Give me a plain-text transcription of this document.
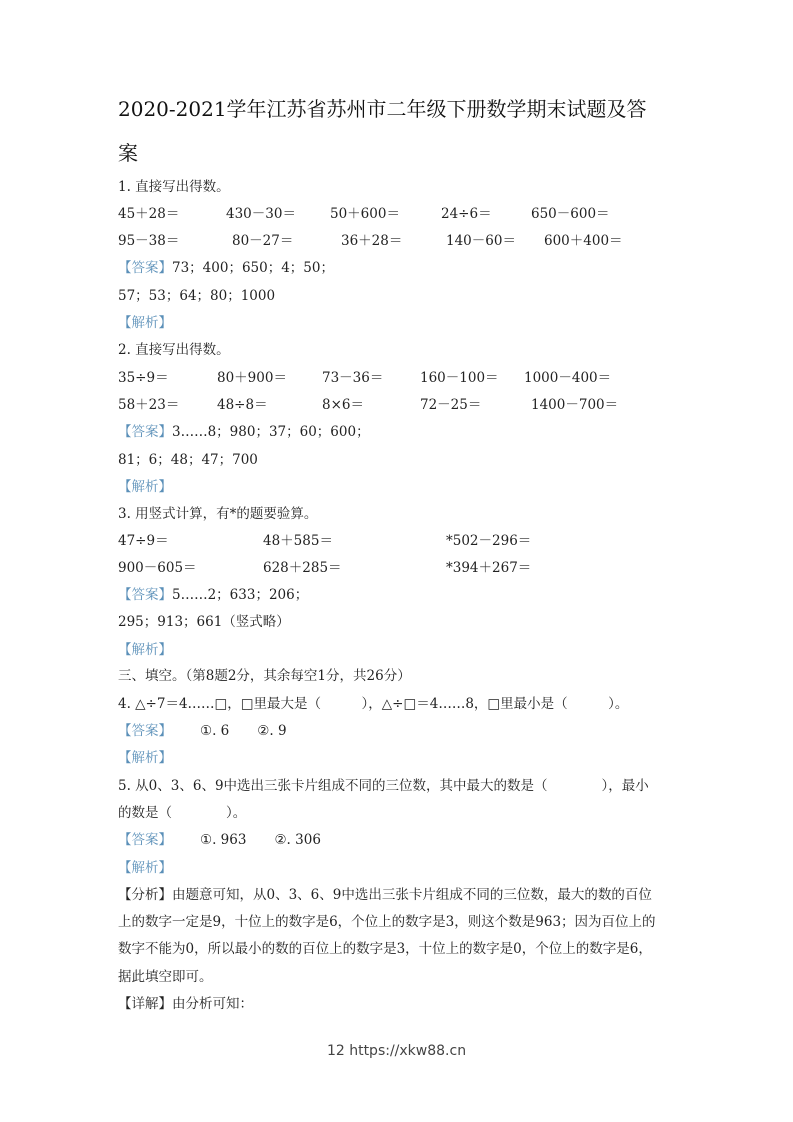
2020-2021学年江苏省苏州市二年级下册数学期末试题及答
案
1. 直接写出得数。
45＋28＝	430－30＝	50＋600＝	24÷6＝	650－600＝
95－38＝	80－27＝	36＋28＝	140－60＝ 600＋400＝
【答案】73；400；650；4；50；
57；53；64；80；1000
【解析】
2. 直接写出得数。
35÷9＝	80＋900＝	73－36＝	160－100＝ 1000－400＝
58＋23＝	48÷8＝	8×6＝	72－25＝	1400－700＝
【答案】3……8；980；37；60；600；
81；6；48；47；700
【解析】
3. 用竖式计算，有*的题要验算。
47÷9＝	48＋585＝	*502－296＝
900－605＝	628＋285＝	*394＋267＝
【答案】5……2；633；206；
295；913；661（竖式略）
【解析】
三、填空。（第8题2分，其余每空1分，共26分）
4. △÷7＝4……□，□里最大是（　　　），△÷□＝4……8，□里最小是（　　　）。
【答案】 ①. 6 ②. 9
【解析】
5. 从0、3、6、9中选出三张卡片组成不同的三位数，其中最大的数是（　　　　），最小
的数是（　　　　）。
【答案】 ①. 963 ②. 306
【解析】
【分析】由题意可知，从0、3、6、9中选出三张卡片组成不同的三位数，最大的数的百位
上的数字一定是9，十位上的数字是6，个位上的数字是3，则这个数是963；因为百位上的
数字不能为0，所以最小的数的百位上的数字是3，十位上的数字是0，个位上的数字是6，
据此填空即可。
【详解】由分析可知：
12 https://xkw88.cn
